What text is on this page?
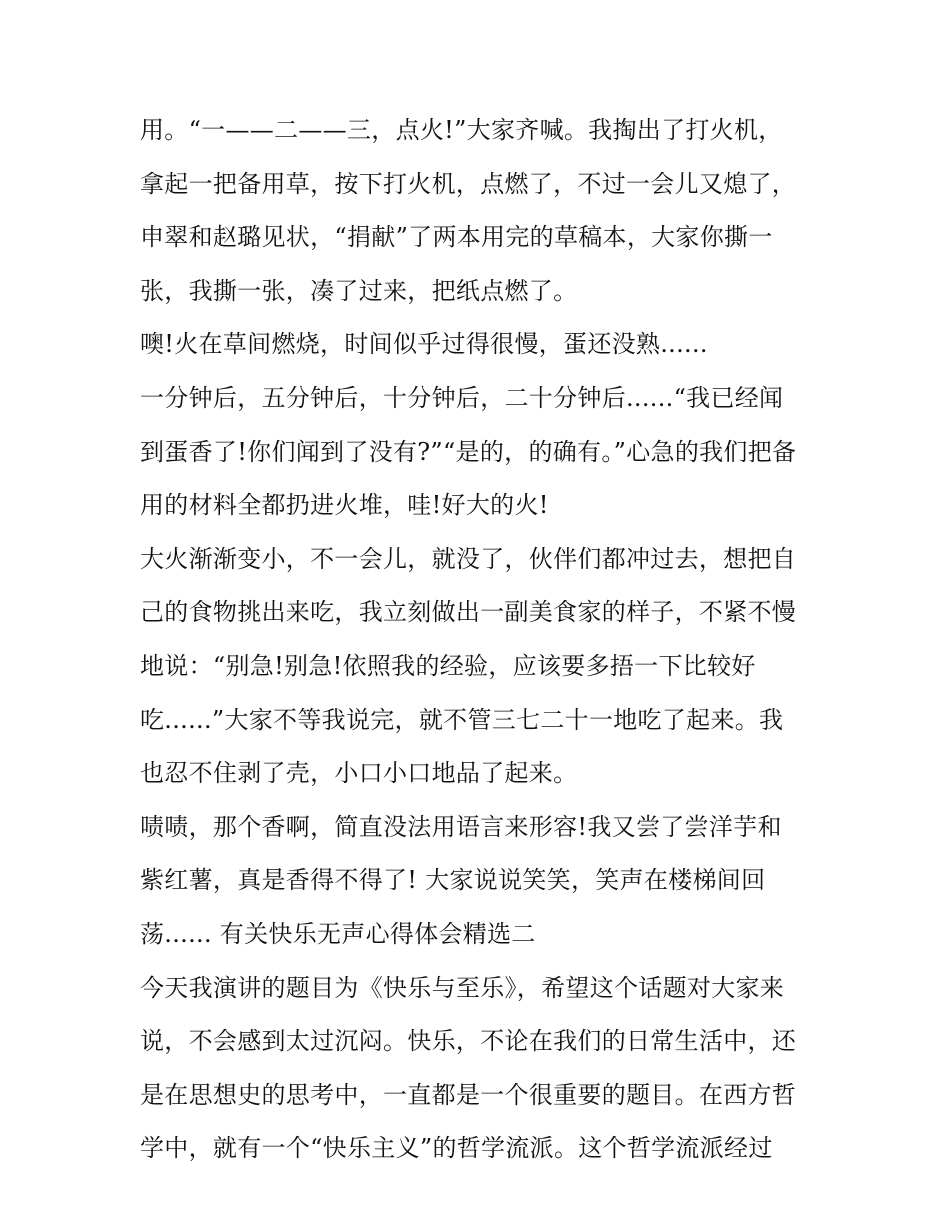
用。“一——二——三，点火!”大家齐喊。我掏出了打火机，

拿起一把备用草，按下打火机，点燃了，不过一会儿又熄了，

申翠和赵璐见状，“捐献”了两本用完的草稿本，大家你撕一

张，我撕一张，凑了过来，把纸点燃了。

噢!火在草间燃烧，时间似乎过得很慢，蛋还没熟......

一分钟后，五分钟后，十分钟后，二十分钟后......“我已经闻

到蛋香了!你们闻到了没有?”“是的，的确有。”心急的我们把备

用的材料全都扔进火堆，哇!好大的火!

大火渐渐变小，不一会儿，就没了，伙伴们都冲过去，想把自

己的食物挑出来吃，我立刻做出一副美食家的样子，不紧不慢

地说：“别急!别急!依照我的经验，应该要多捂一下比较好

吃......”大家不等我说完，就不管三七二十一地吃了起来。我

也忍不住剥了壳，小口小口地品了起来。

啧啧，那个香啊，简直没法用语言来形容!我又尝了尝洋芋和

紫红薯，真是香得不得了! 大家说说笑笑，笑声在楼梯间回

荡...... 有关快乐无声心得体会精选二

今天我演讲的题目为《快乐与至乐》，希望这个话题对大家来

说，不会感到太过沉闷。快乐，不论在我们的日常生活中，还

是在思想史的思考中，一直都是一个很重要的题目。在西方哲

学中，就有一个“快乐主义”的哲学流派。这个哲学流派经过
